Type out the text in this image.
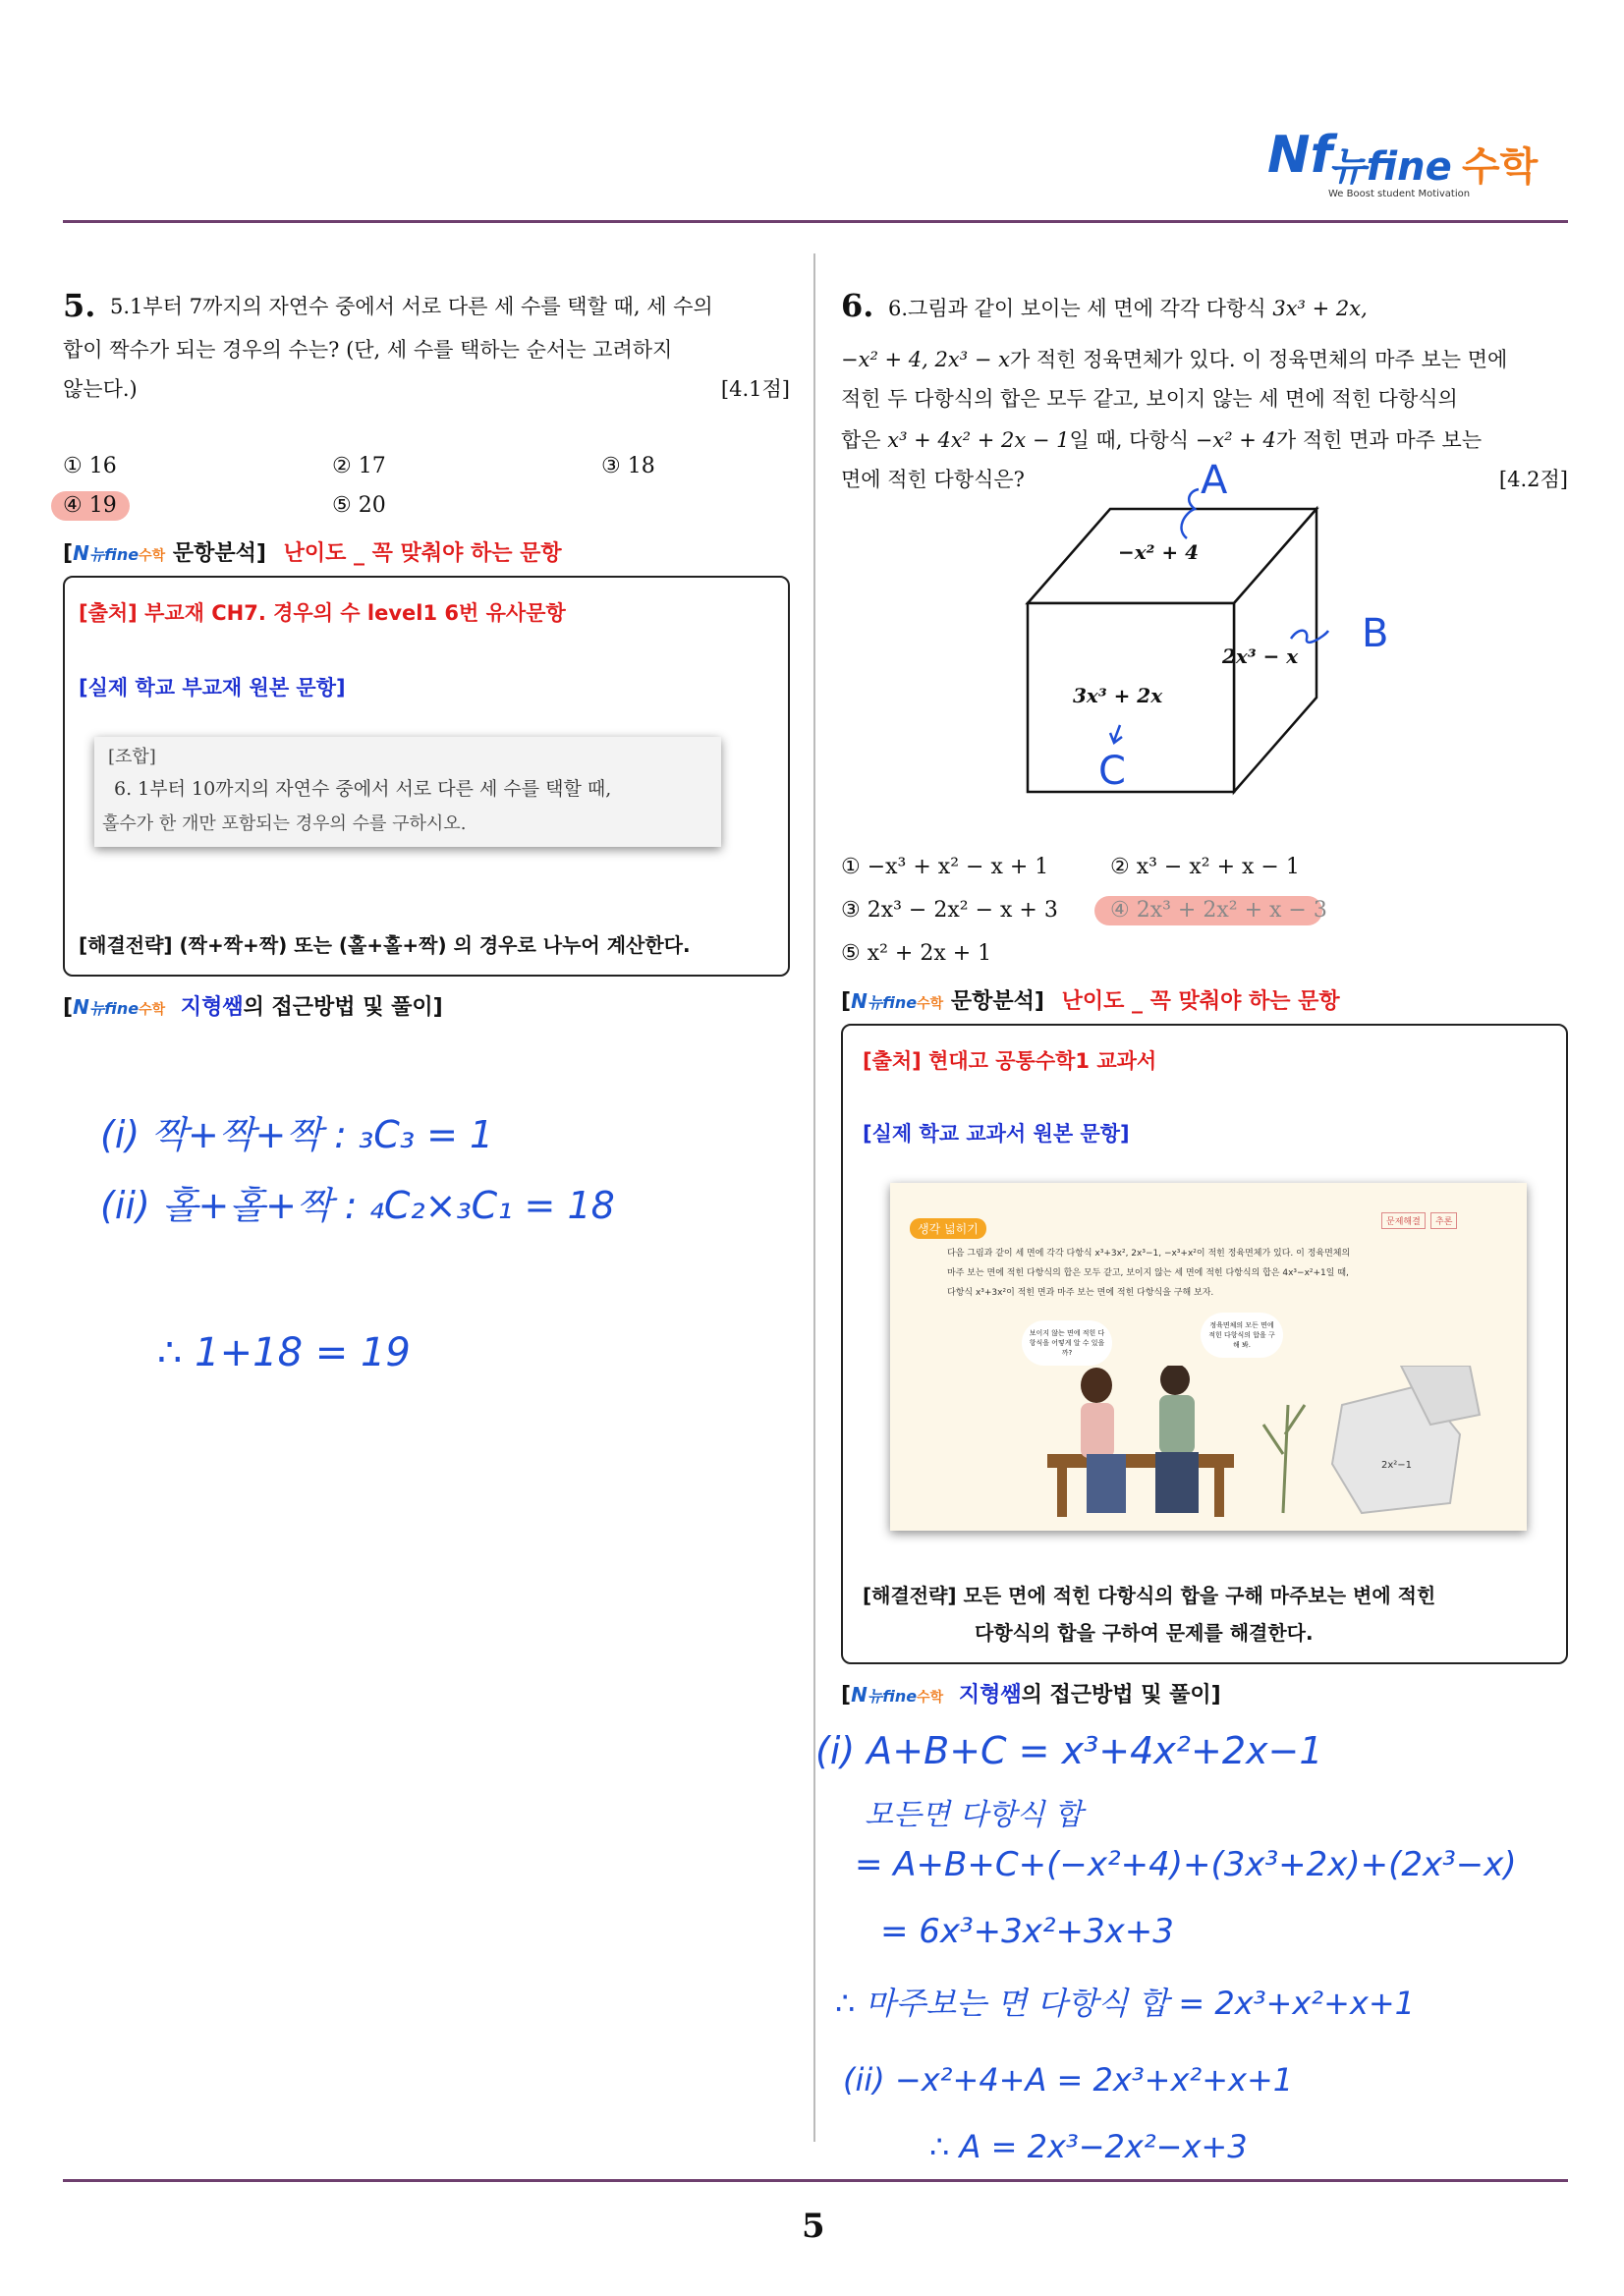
Nf
뉴fine 수학
We Boost student Motivation
5. 5.1부터 7까지의 자연수 중에서 서로 다른 세 수를 택할 때, 세 수의
합이 짝수가 되는 경우의 수는? (단, 세 수를 택하는 순서는 고려하지
않는다.)	[4.1점]
① 16	② 17	③ 18
④ 19	⑤ 20
[N뉴fine수학 문항분석] 난이도 _ 꼭 맞춰야 하는 문항
[출처] 부교재 CH7. 경우의 수 level1 6번 유사문항
[실제 학교 부교재 원본 문항]
[조합]
6. 1부터 10까지의 자연수 중에서 서로 다른 세 수를 택할 때,
홀수가 한 개만 포함되는 경우의 수를 구하시오.
[해결전략] (짝+짝+짝) 또는 (홀+홀+짝) 의 경우로 나누어 계산한다.
[N뉴fine수학 지형쌤의 접근방법 및 풀이]
(i) 짝+짝+짝 : ₃C₃ = 1
(ii) 홀+홀+짝 : ₄C₂×₃C₁ = 18
∴ 1+18 = 19
6. 6.그림과 같이 보이는 세 면에 각각 다항식 3x³ + 2x,
−x² + 4, 2x³ − x가 적힌 정육면체가 있다. 이 정육면체의 마주 보는 면에
적힌 두 다항식의 합은 모두 같고, 보이지 않는 세 면에 적힌 다항식의
합은 x³ + 4x² + 2x − 1일 때, 다항식 −x² + 4가 적힌 면과 마주 보는
면에 적힌 다항식은?	[4.2점]
−x² + 4
3x³ + 2x
2x³ − x
A
B
C
① −x³ + x² − x + 1	② x³ − x² + x − 1
③ 2x³ − 2x² − x + 3 ④ 2x³ + 2x² + x − 3
⑤ x² + 2x + 1
[N뉴fine수학 문항분석] 난이도 _ 꼭 맞춰야 하는 문항
[출처] 현대고 공통수학1 교과서
[실제 학교 교과서 원본 문항]
생각 넓히기	문제해결	추론
다음 그림과 같이 세 면에 각각 다항식 x³+3x², 2x³−1, −x³+x²이 적힌 정육면체가 있다. 이 정육면체의
마주 보는 면에 적힌 다항식의 합은 모두 같고, 보이지 않는 세 면에 적힌 다항식의 합은 4x³−x²+1일 때,
다항식 x³+3x²이 적힌 면과 마주 보는 면에 적힌 다항식을 구해 보자.
보이지 않는 면에 적힌 다항식을 어떻게 알 수 있을까?
정육면체의 모든 면에 적힌 다항식의 합을 구해 봐.
2x²−1
[해결전략] 모든 면에 적힌 다항식의 합을 구해 마주보는 변에 적힌
다항식의 합을 구하여 문제를 해결한다.
[N뉴fine수학 지형쌤의 접근방법 및 풀이]
(i) A+B+C = x³+4x²+2x−1
모든면 다항식 합
= A+B+C+(−x²+4)+(3x³+2x)+(2x³−x)
= 6x³+3x²+3x+3
∴ 마주보는 면 다항식 합 = 2x³+x²+x+1
(ii) −x²+4+A = 2x³+x²+x+1
∴ A = 2x³−2x²−x+3
5
